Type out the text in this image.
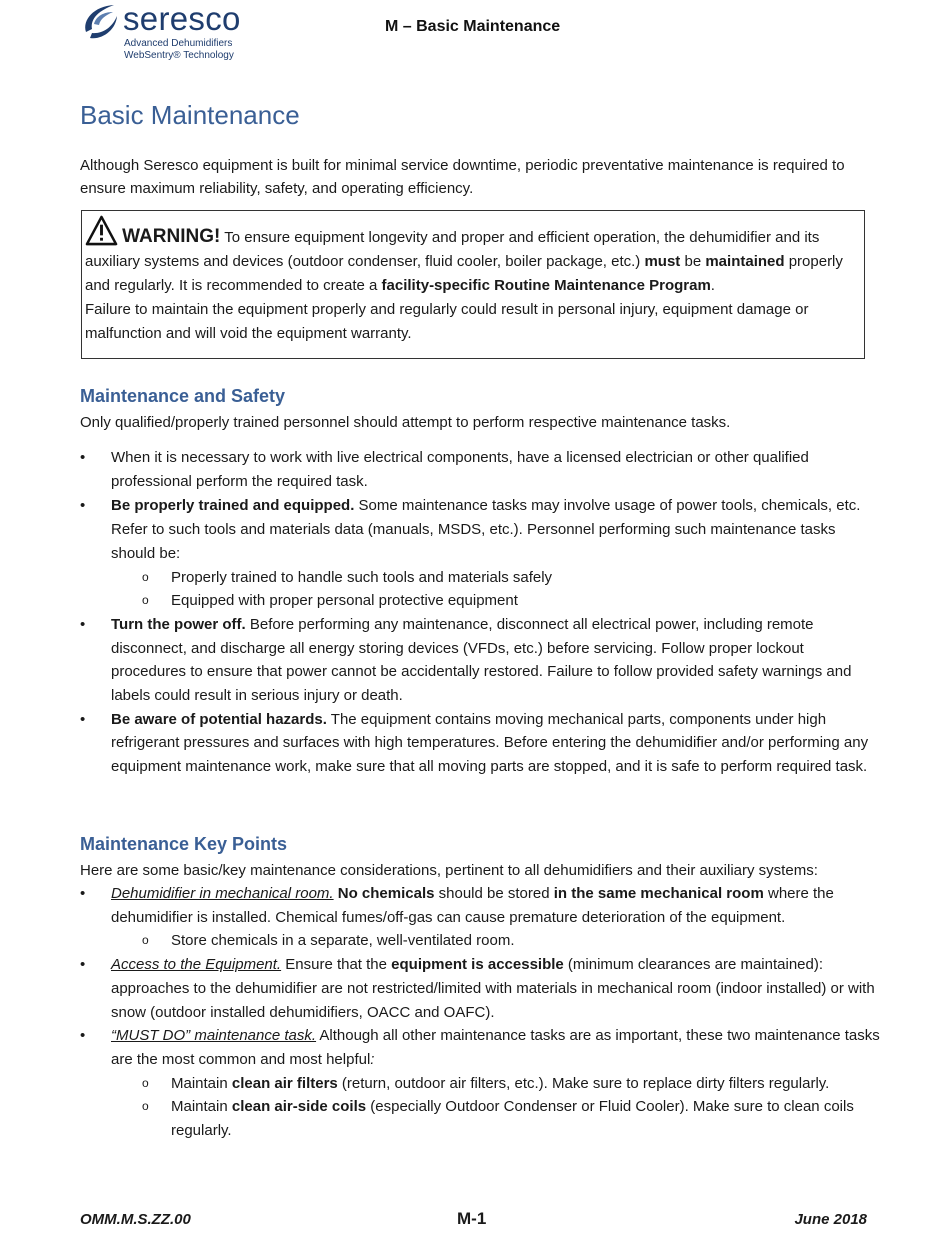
seresco
Advanced Dehumidifiers
WebSentry® Technology
M – Basic Maintenance
Basic Maintenance
Although Seresco equipment is built for minimal service downtime, periodic preventative maintenance is required to ensure maximum reliability, safety, and operating efficiency.
WARNING! To ensure equipment longevity and proper and efficient operation, the dehumidifier and its auxiliary systems and devices (outdoor condenser, fluid cooler, boiler package, etc.) must be maintained properly and regularly. It is recommended to create a facility-specific Routine Maintenance Program.
Failure to maintain the equipment properly and regularly could result in personal injury, equipment damage or malfunction and will void the equipment warranty.
Maintenance and Safety
Only qualified/properly trained personnel should attempt to perform respective maintenance tasks.
• When it is necessary to work with live electrical components, have a licensed electrician or other qualified professional perform the required task.
• Be properly trained and equipped. Some maintenance tasks may involve usage of power tools, chemicals, etc. Refer to such tools and materials data (manuals, MSDS, etc.). Personnel performing such maintenance tasks should be:
o Properly trained to handle such tools and materials safely
o Equipped with proper personal protective equipment
• Turn the power off. Before performing any maintenance, disconnect all electrical power, including remote disconnect, and discharge all energy storing devices (VFDs, etc.) before servicing. Follow proper lockout procedures to ensure that power cannot be accidentally restored. Failure to follow provided safety warnings and labels could result in serious injury or death.
• Be aware of potential hazards. The equipment contains moving mechanical parts, components under high refrigerant pressures and surfaces with high temperatures. Before entering the dehumidifier and/or performing any equipment maintenance work, make sure that all moving parts are stopped, and it is safe to perform required task.
Maintenance Key Points
Here are some basic/key maintenance considerations, pertinent to all dehumidifiers and their auxiliary systems:
• Dehumidifier in mechanical room. No chemicals should be stored in the same mechanical room where the dehumidifier is installed. Chemical fumes/off-gas can cause premature deterioration of the equipment.
o Store chemicals in a separate, well-ventilated room.
• Access to the Equipment. Ensure that the equipment is accessible (minimum clearances are maintained): approaches to the dehumidifier are not restricted/limited with materials in mechanical room (indoor installed) or with snow (outdoor installed dehumidifiers, OACC and OAFC).
• “MUST DO” maintenance task. Although all other maintenance tasks are as important, these two maintenance tasks are the most common and most helpful:
o Maintain clean air filters (return, outdoor air filters, etc.). Make sure to replace dirty filters regularly.
o Maintain clean air-side coils (especially Outdoor Condenser or Fluid Cooler). Make sure to clean coils regularly.
OMM.M.S.ZZ.00	M-1	June 2018
